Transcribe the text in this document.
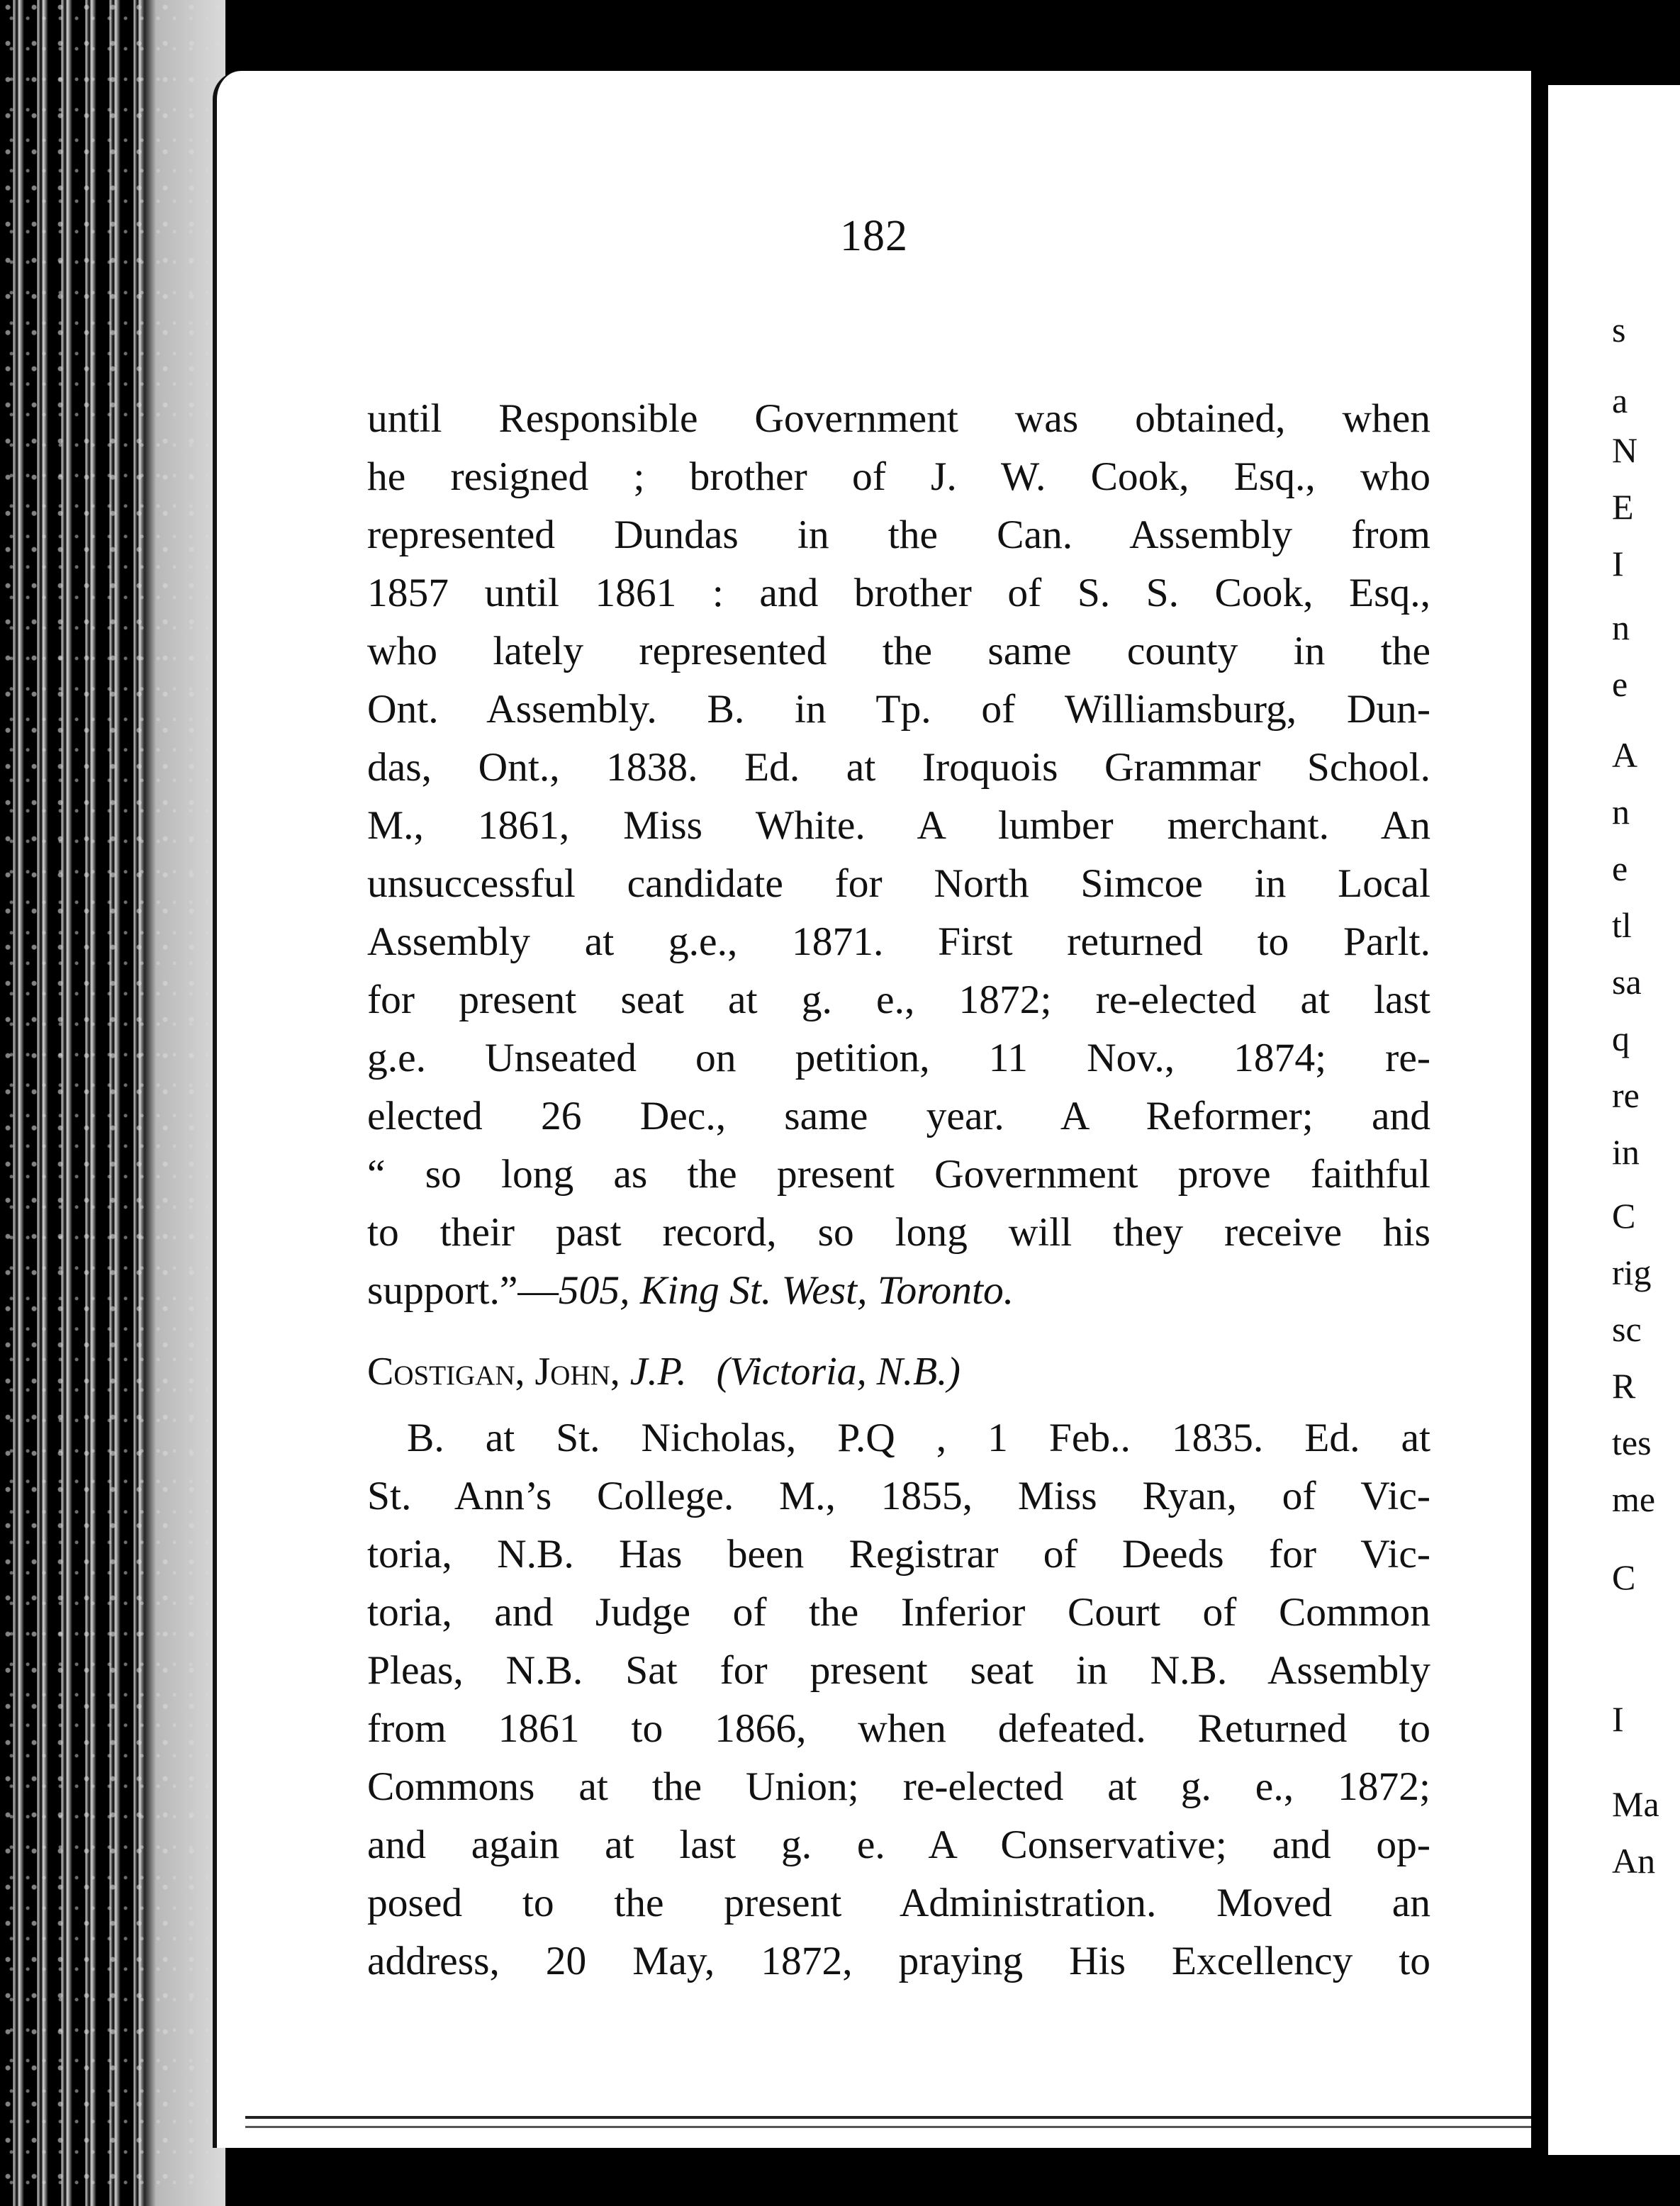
182
until Responsible Government was obtained, when
he resigned ; brother of J. W. Cook, Esq., who
represented Dundas in the Can. Assembly from
1857 until 1861 : and brother of S. S. Cook, Esq.,
who lately represented the same county in the
Ont. Assembly. B. in Tp. of Williamsburg, Dun-
das, Ont., 1838. Ed. at Iroquois Grammar School.
M., 1861, Miss White. A lumber merchant. An
unsuccessful candidate for North Simcoe in Local
Assembly at g.e., 1871. First returned to Parlt.
for present seat at g. e., 1872; re-elected at last
g.e. Unseated on petition, 11 Nov., 1874; re-
elected 26 Dec., same year. A Reformer; and
“ so long as the present Government prove faithful
to their past record, so long will they receive his
support.”—505, King St. West, Toronto.
Costigan, John, J.P. (Victoria, N.B.)
B. at St. Nicholas, P.Q , 1 Feb.. 1835. Ed. at
St. Ann’s College. M., 1855, Miss Ryan, of Vic-
toria, N.B. Has been Registrar of Deeds for Vic-
toria, and Judge of the Inferior Court of Common
Pleas, N.B. Sat for present seat in N.B. Assembly
from 1861 to 1866, when defeated. Returned to
Commons at the Union; re-elected at g. e., 1872;
and again at last g. e. A Conservative; and op-
posed to the present Administration. Moved an
address, 20 May, 1872, praying His Excellency to
s
a
N
E
I
n
e
A
n
e
tl
sa
q
re
in
C
rig
sc
R
tes
me
C
I
Ma
An
